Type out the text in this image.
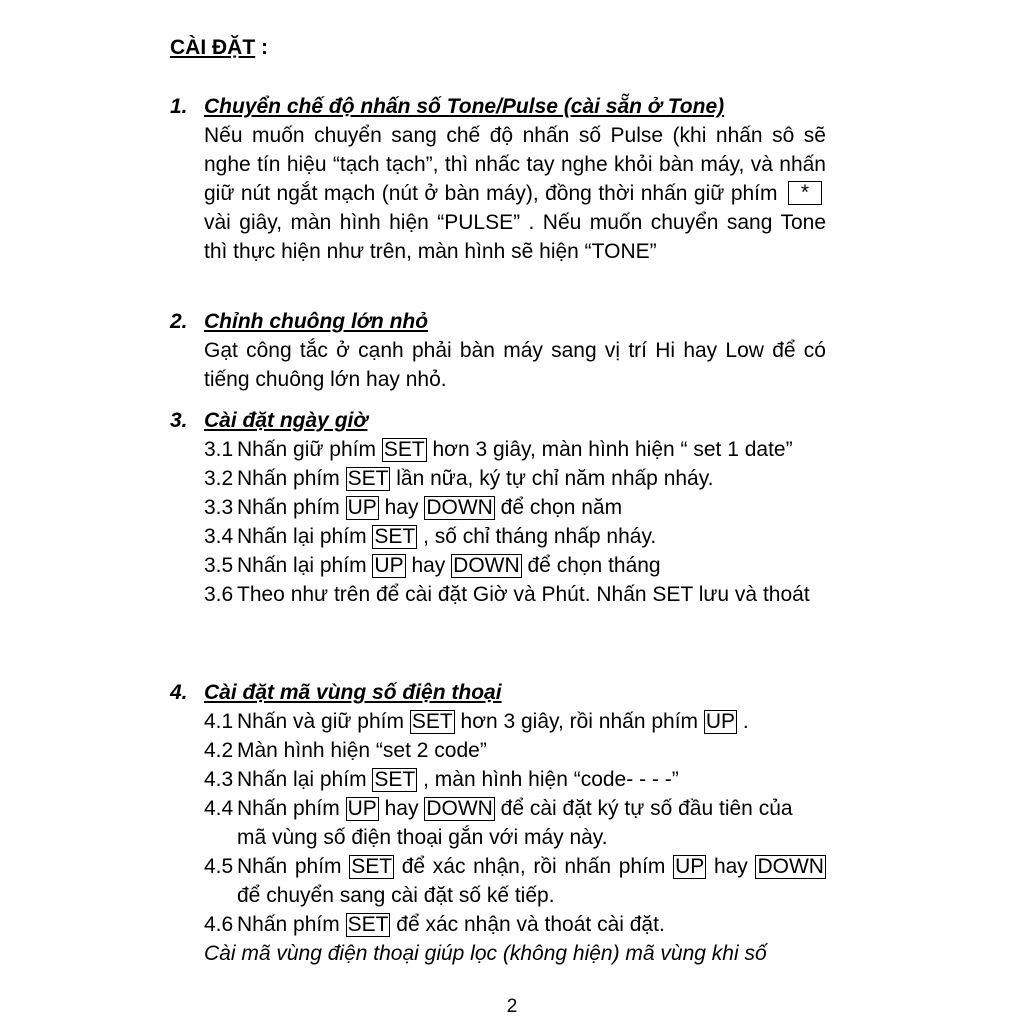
CÀI ĐẶT :
1. Chuyển chế độ nhấn số Tone/Pulse (cài sẵn ở Tone)
Nếu muốn chuyển sang chế độ nhấn số Pulse (khi nhấn sô sẽ nghe tín hiệu “tạch tạch”, thì nhấc tay nghe khỏi bàn máy, và nhấn giữ nút ngắt mạch (nút ở bàn máy), đồng thời nhấn giữ phím * vài giây, màn hình hiện “PULSE” . Nếu muốn chuyển sang Tone thì thực hiện như trên, màn hình sẽ hiện “TONE”
2. Chỉnh chuông lớn nhỏ
Gạt công tắc ở cạnh phải bàn máy sang vị trí Hi hay Low để có tiếng chuông lớn hay nhỏ.
3. Cài đặt ngày giờ
3.1 Nhấn giữ phím SET hơn 3 giây, màn hình hiện “ set 1 date”
3.2 Nhấn phím SET lần nữa, ký tự chỉ năm nhấp nháy.
3.3 Nhấn phím UP hay DOWN để chọn năm
3.4 Nhấn lại phím SET , số chỉ tháng nhấp nháy.
3.5 Nhấn lại phím UP hay DOWN để chọn tháng
3.6 Theo như trên để cài đặt Giờ và Phút. Nhấn SET lưu và thoát
4. Cài đặt mã vùng số điện thoại
4.1 Nhấn và giữ phím SET hơn 3 giây, rồi nhấn phím UP .
4.2 Màn hình hiện “set 2 code”
4.3 Nhấn lại phím SET , màn hình hiện “code- - - -”
4.4 Nhấn phím UP hay DOWN để cài đặt ký tự số đầu tiên của mã vùng số điện thoại gắn với máy này.
4.5 Nhấn phím SET để xác nhận, rồi nhấn phím UP hay DOWN để chuyển sang cài đặt số kế tiếp.
4.6 Nhấn phím SET để xác nhận và thoát cài đặt.
Cài mã vùng điện thoại giúp lọc (không hiện) mã vùng khi số
2
